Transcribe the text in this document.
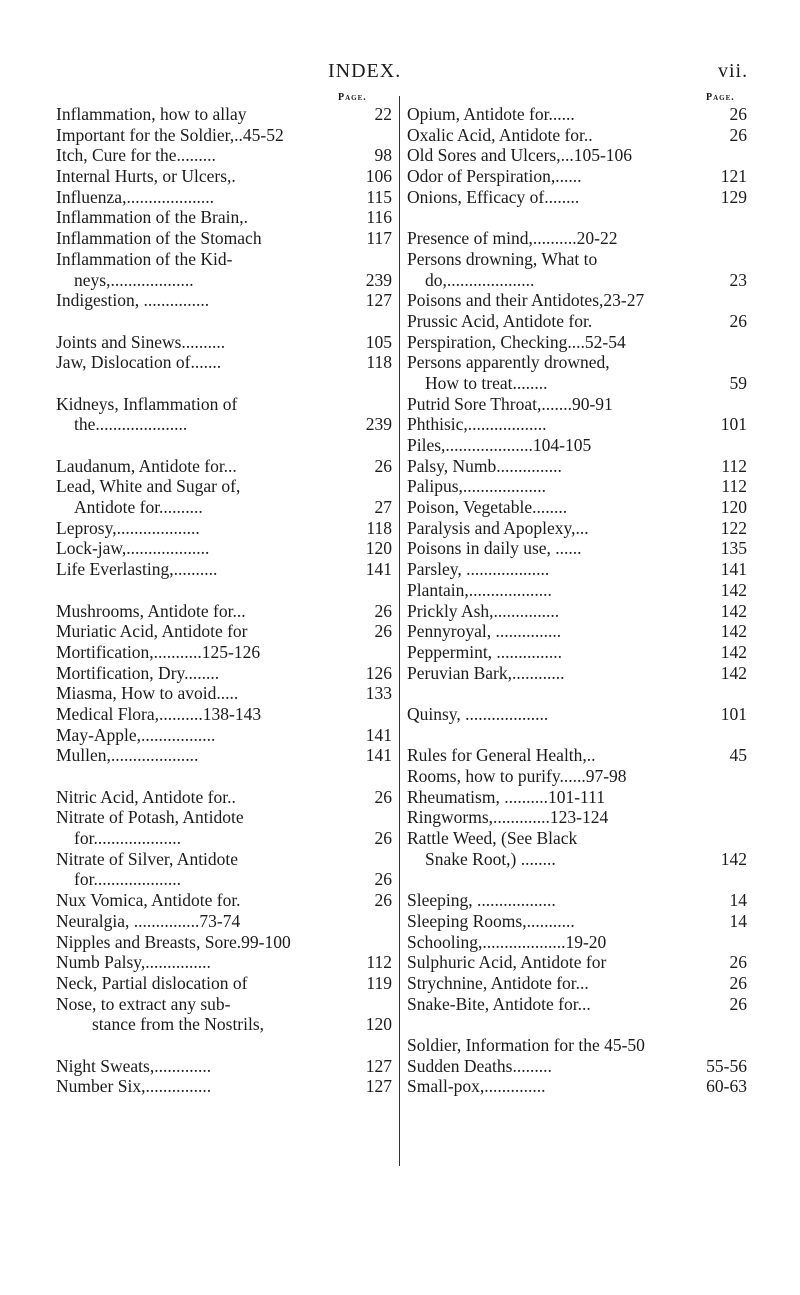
INDEX.	vii.
Page.	Page.
Inflammation, how to allay	22
Important for the Soldier,..45-52
Itch, Cure for the.........	98
Internal Hurts, or Ulcers,.	106
Influenza,....................	115
Inflammation of the Brain,.	116
Inflammation of the Stomach	117
Inflammation of the Kid-
neys,...................	239
Indigestion, ...............	127
Joints and Sinews..........	105
Jaw, Dislocation of.......	118
Kidneys, Inflammation of
the.....................	239
Laudanum, Antidote for...	26
Lead, White and Sugar of,
Antidote for..........	27
Leprosy,...................	118
Lock-jaw,...................	120
Life Everlasting,..........	141
Mushrooms, Antidote for...	26
Muriatic Acid, Antidote for	26
Mortification,...........125-126
Mortification, Dry........	126
Miasma, How to avoid.....	133
Medical Flora,..........138-143
May-Apple,.................	141
Mullen,....................	141
Nitric Acid, Antidote for..	26
Nitrate of Potash, Antidote
for....................	26
Nitrate of Silver, Antidote
for....................	26
Nux Vomica, Antidote for.	26
Neuralgia, ...............73-74
Nipples and Breasts, Sore.99-100
Numb Palsy,...............	112
Neck, Partial dislocation of	119
Nose, to extract any sub-
stance from the Nostrils,	120
Night Sweats,.............	127
Number Six,...............	127
Opium, Antidote for......	26
Oxalic Acid, Antidote for..	26
Old Sores and Ulcers,...105-106
Odor of Perspiration,......	121
Onions, Efficacy of........	129
Presence of mind,..........20-22
Persons drowning, What to
do,....................	23
Poisons and their Antidotes,23-27
Prussic Acid, Antidote for.	26
Perspiration, Checking....52-54
Persons apparently drowned,
How to treat........	59
Putrid Sore Throat,.......90-91
Phthisic,..................	101
Piles,....................104-105
Palsy, Numb...............	112
Palipus,...................	112
Poison, Vegetable........	120
Paralysis and Apoplexy,...	122
Poisons in daily use, ......	135
Parsley, ...................	141
Plantain,...................	142
Prickly Ash,...............	142
Pennyroyal, ...............	142
Peppermint, ...............	142
Peruvian Bark,............	142
Quinsy, ...................	101
Rules for General Health,..	45
Rooms, how to purify......97-98
Rheumatism, ..........101-111
Ringworms,.............123-124
Rattle Weed, (See Black
Snake Root,) ........	142
Sleeping, ..................	14
Sleeping Rooms,...........	14
Schooling,...................19-20
Sulphuric Acid, Antidote for	26
Strychnine, Antidote for...	26
Snake-Bite, Antidote for...	26
Soldier, Information for the 45-50
Sudden Deaths.........	55-56
Small-pox,..............	60-63
